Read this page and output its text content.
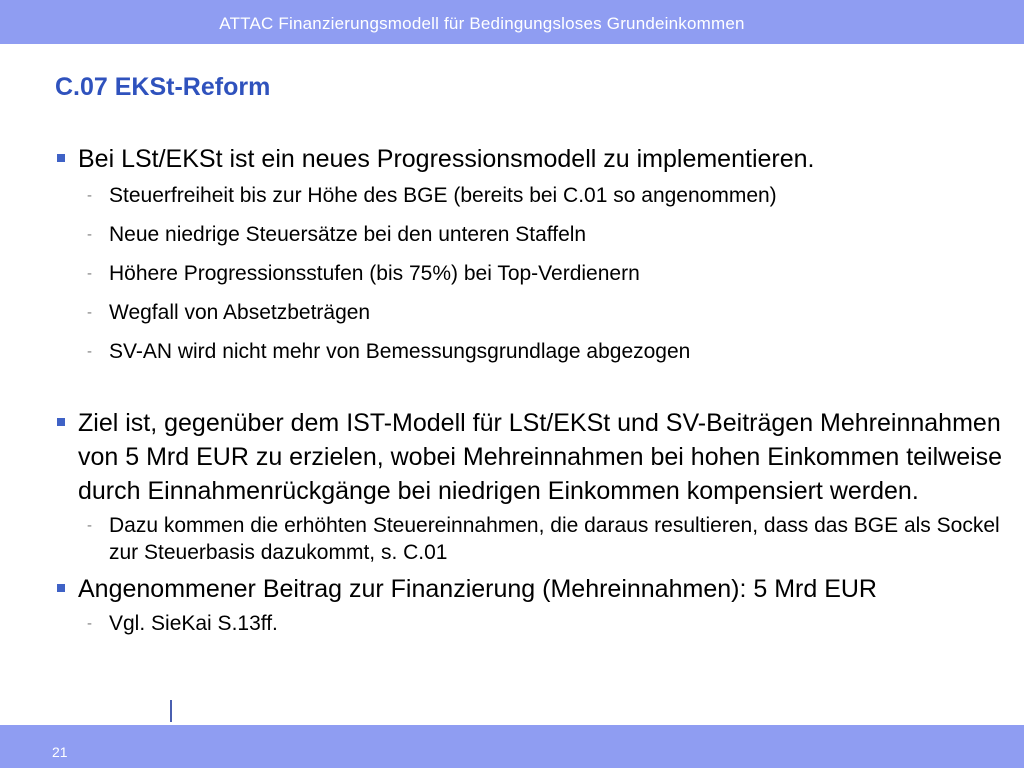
ATTAC Finanzierungsmodell für Bedingungsloses Grundeinkommen
C.07 EKSt-Reform
Bei LSt/EKSt ist ein neues Progressionsmodell zu implementieren.
- Steuerfreiheit bis zur Höhe des BGE (bereits bei C.01 so angenommen)
- Neue niedrige Steuersätze bei den unteren Staffeln
- Höhere Progressionsstufen (bis 75%) bei Top-Verdienern
- Wegfall von Absetzbeträgen
- SV-AN wird nicht mehr von Bemessungsgrundlage abgezogen
Ziel ist, gegenüber dem IST-Modell für LSt/EKSt und SV-Beiträgen Mehreinnahmen von 5 Mrd EUR zu erzielen, wobei Mehreinnahmen bei hohen Einkommen teilweise durch Einnahmenrückgänge bei niedrigen Einkommen kompensiert werden.
- Dazu kommen die erhöhten Steuereinnahmen, die daraus resultieren, dass das BGE als Sockel zur Steuerbasis dazukommt, s. C.01
Angenommener Beitrag zur Finanzierung (Mehreinnahmen): 5 Mrd EUR
- Vgl. SieKai S.13ff.
21
